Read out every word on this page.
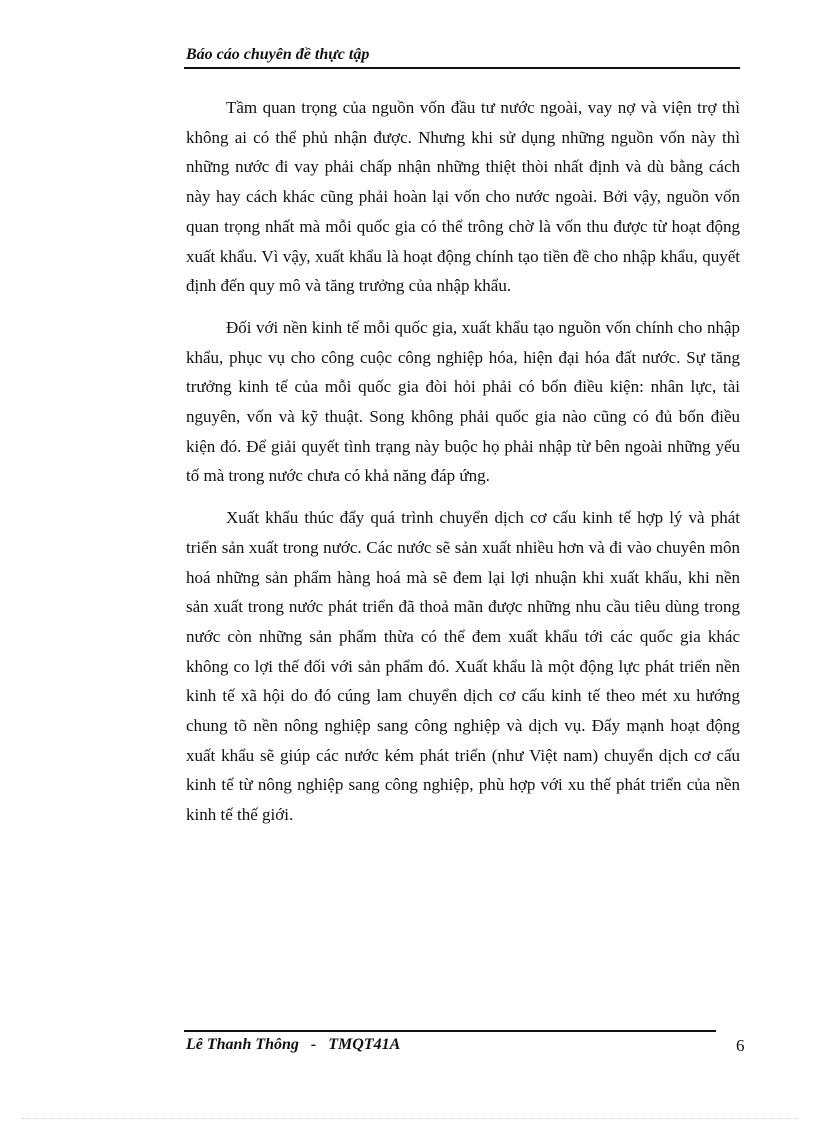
Báo cáo chuyên đề thực tập

Tầm quan trọng của nguồn vốn đầu tư nước ngoài, vay nợ và viện trợ thì không ai có thể phủ nhận được. Nhưng khi sử dụng những nguồn vốn này thì những nước đi vay phải chấp nhận những thiệt thòi nhất định và dù bằng cách này hay cách khác cũng phải hoàn lại vốn cho nước ngoài. Bởi vậy, nguồn vốn quan trọng nhất mà mỗi quốc gia có thể trông chờ là vốn thu được từ hoạt động xuất khẩu. Vì vậy, xuất khẩu là hoạt động chính tạo tiền đề cho nhập khẩu, quyết định đến quy mô và tăng trưởng của nhập khẩu.

Đối với nền kinh tế mỗi quốc gia, xuất khẩu tạo nguồn vốn chính cho nhập khẩu, phục vụ cho công cuộc công nghiệp hóa, hiện đại hóa đất nước. Sự tăng trưởng kinh tế của mỗi quốc gia đòi hỏi phải có bốn điều kiện: nhân lực, tài nguyên, vốn và kỹ thuật. Song không phải quốc gia nào cũng có đủ bốn điều kiện đó. Để giải quyết tình trạng này buộc họ phải nhập từ bên ngoài những yếu tố mà trong nước chưa có khả năng đáp ứng.

Xuất khẩu thúc đẩy quá trình chuyển dịch cơ cấu kinh tế hợp lý và phát triển sản xuất trong nước. Các nước sẽ sản xuất nhiều hơn và đi vào chuyên môn hoá những sản phẩm hàng hoá mà sẽ đem lại lợi nhuận khi xuất khẩu, khi nền sản xuất trong nước phát triển đã thoả mãn được những nhu cầu tiêu dùng trong nước còn những sản phẩm thừa có thể đem xuất khẩu tới các quốc gia khác không co lợi thế đối với sản phẩm đó. Xuất khẩu là một động lực phát triển nền kinh tế xã hội do đó cúng lam chuyển dịch cơ cấu kinh tế theo mét xu hướng chung tõ nền nông nghiệp sang công nghiệp và dịch vụ. Đẩy mạnh hoạt động xuất khẩu sẽ giúp các nước kém phát triển (như Việt nam) chuyển dịch cơ cấu kinh tế từ nông nghiệp sang công nghiệp, phù hợp với xu thế phát triển của nền kinh tế thế giới.

Lê Thanh Thông   -   TMQT41A	6
